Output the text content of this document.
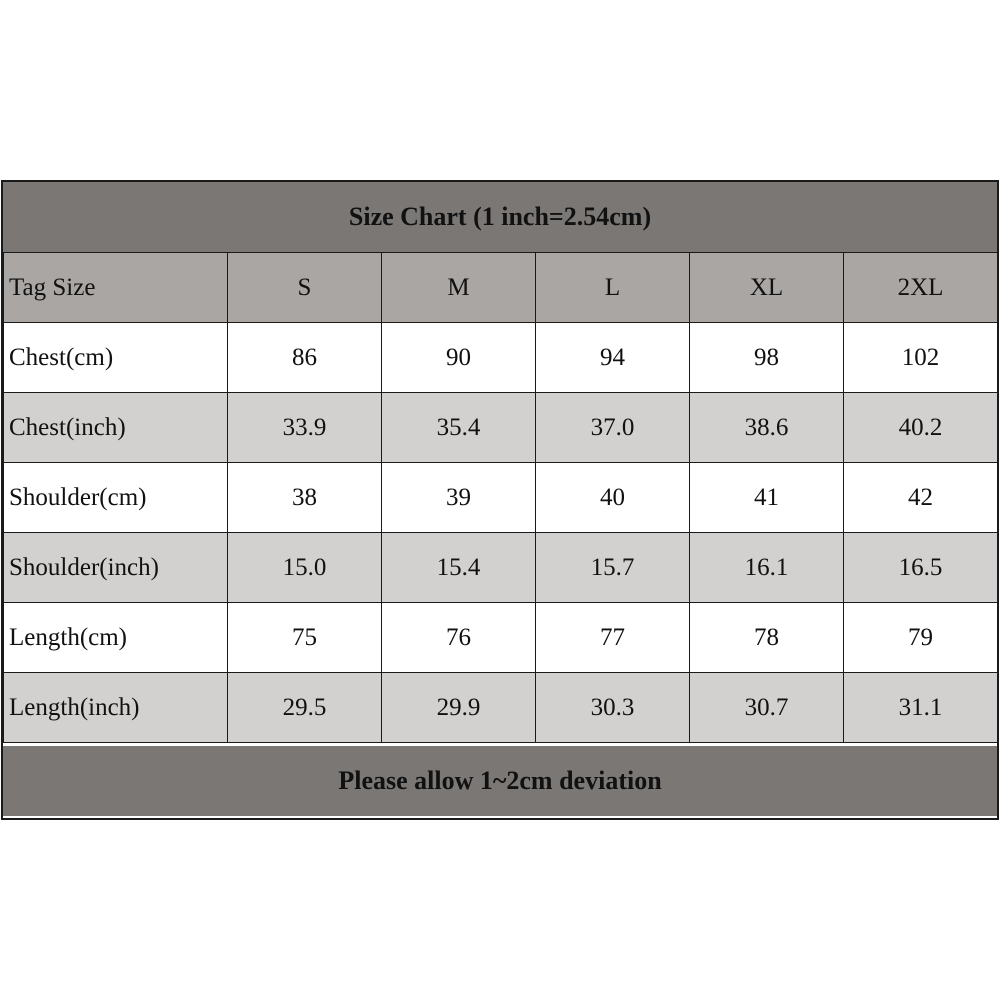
Size Chart (1 inch=2.54cm)
Tag Size	S	M	L	XL	2XL
Chest(cm)	86	90	94	98	102
Chest(inch)	33.9	35.4	37.0	38.6	40.2
Shoulder(cm)	38	39	40	41	42
Shoulder(inch)	15.0	15.4	15.7	16.1	16.5
Length(cm)	75	76	77	78	79
Length(inch)	29.5	29.9	30.3	30.7	31.1
Please allow 1~2cm deviation
